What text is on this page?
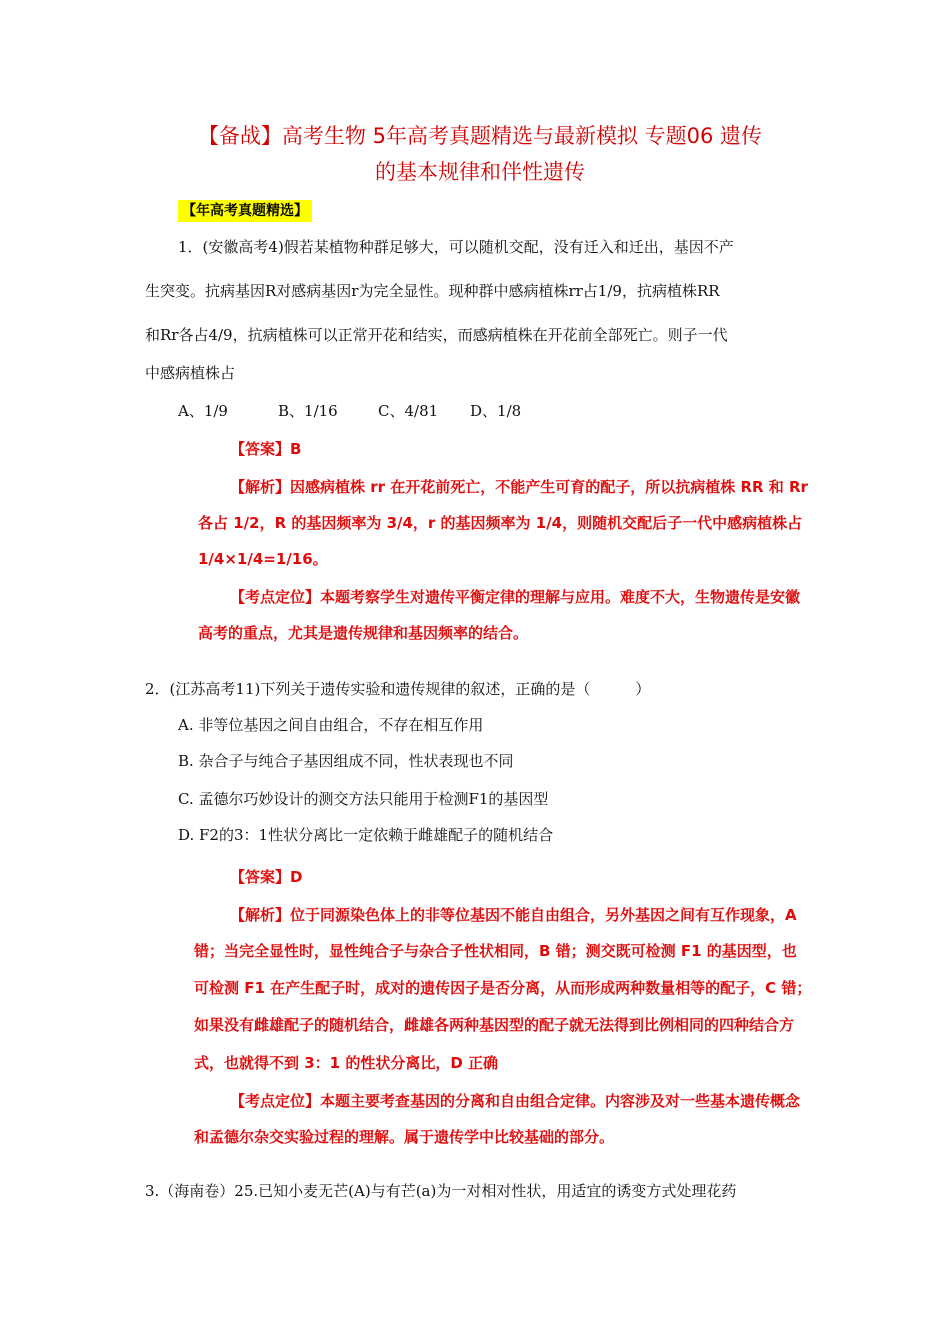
【备战】高考生物 5年高考真题精选与最新模拟 专题06 遗传
的基本规律和伴性遗传
【年高考真题精选】
1．(安徽高考4)假若某植物种群足够大，可以随机交配，没有迁入和迁出，基因不产
生突变。抗病基因R对感病基因r为完全显性。现种群中感病植株rr占1/9，抗病植株RR
和Rr各占4/9，抗病植株可以正常开花和结实，而感病植株在开花前全部死亡。则子一代
中感病植株占
A、1/9	B、1/16	C、4/81 D、1/8
【答案】B
【解析】因感病植株 rr 在开花前死亡，不能产生可育的配子，所以抗病植株 RR 和 Rr
各占 1/2，R 的基因频率为 3/4，r 的基因频率为 1/4，则随机交配后子一代中感病植株占
1/4×1/4=1/16。
【考点定位】本题考察学生对遗传平衡定律的理解与应用。难度不大，生物遗传是安徽
高考的重点，尤其是遗传规律和基因频率的结合。
2．(江苏高考11)下列关于遗传实验和遗传规律的叙述，正确的是（　　　）
A. 非等位基因之间自由组合，不存在相互作用
B. 杂合子与纯合子基因组成不同，性状表现也不同
C. 孟德尔巧妙设计的测交方法只能用于检测F1的基因型
D. F2的3：1性状分离比一定依赖于雌雄配子的随机结合
【答案】D
【解析】位于同源染色体上的非等位基因不能自由组合，另外基因之间有互作现象，A
错；当完全显性时，显性纯合子与杂合子性状相同，B 错；测交既可检测 F1 的基因型，也
可检测 F1 在产生配子时，成对的遗传因子是否分离，从而形成两种数量相等的配子，C 错；
如果没有雌雄配子的随机结合，雌雄各两种基因型的配子就无法得到比例相同的四种结合方
式，也就得不到 3：1 的性状分离比，D 正确
【考点定位】本题主要考查基因的分离和自由组合定律。内容涉及对一些基本遗传概念
和孟德尔杂交实验过程的理解。属于遗传学中比较基础的部分。
3.（海南卷）25.已知小麦无芒(A)与有芒(a)为一对相对性状，用适宜的诱变方式处理花药
